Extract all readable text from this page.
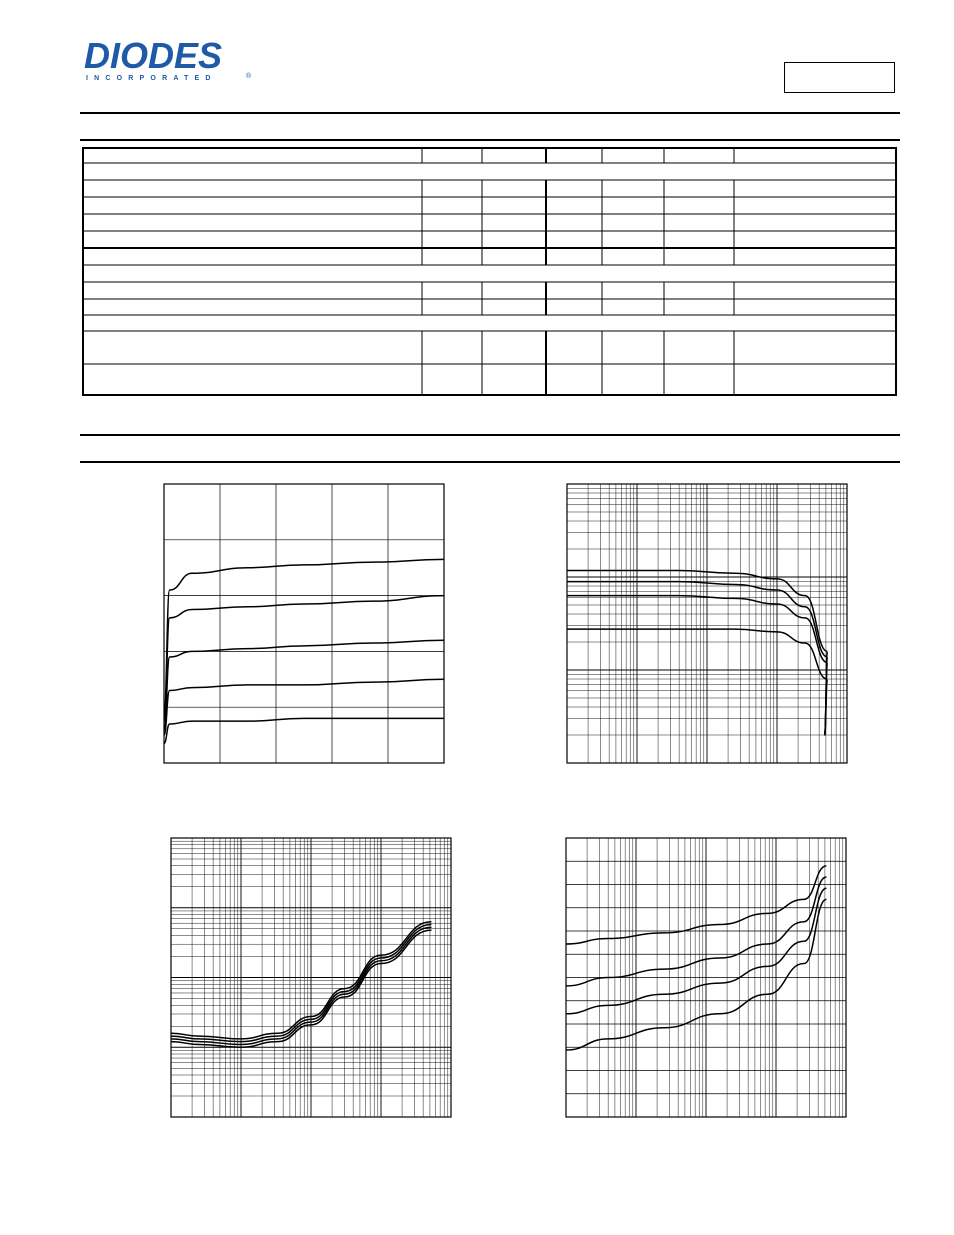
DIODES
INCORPORATED	®
